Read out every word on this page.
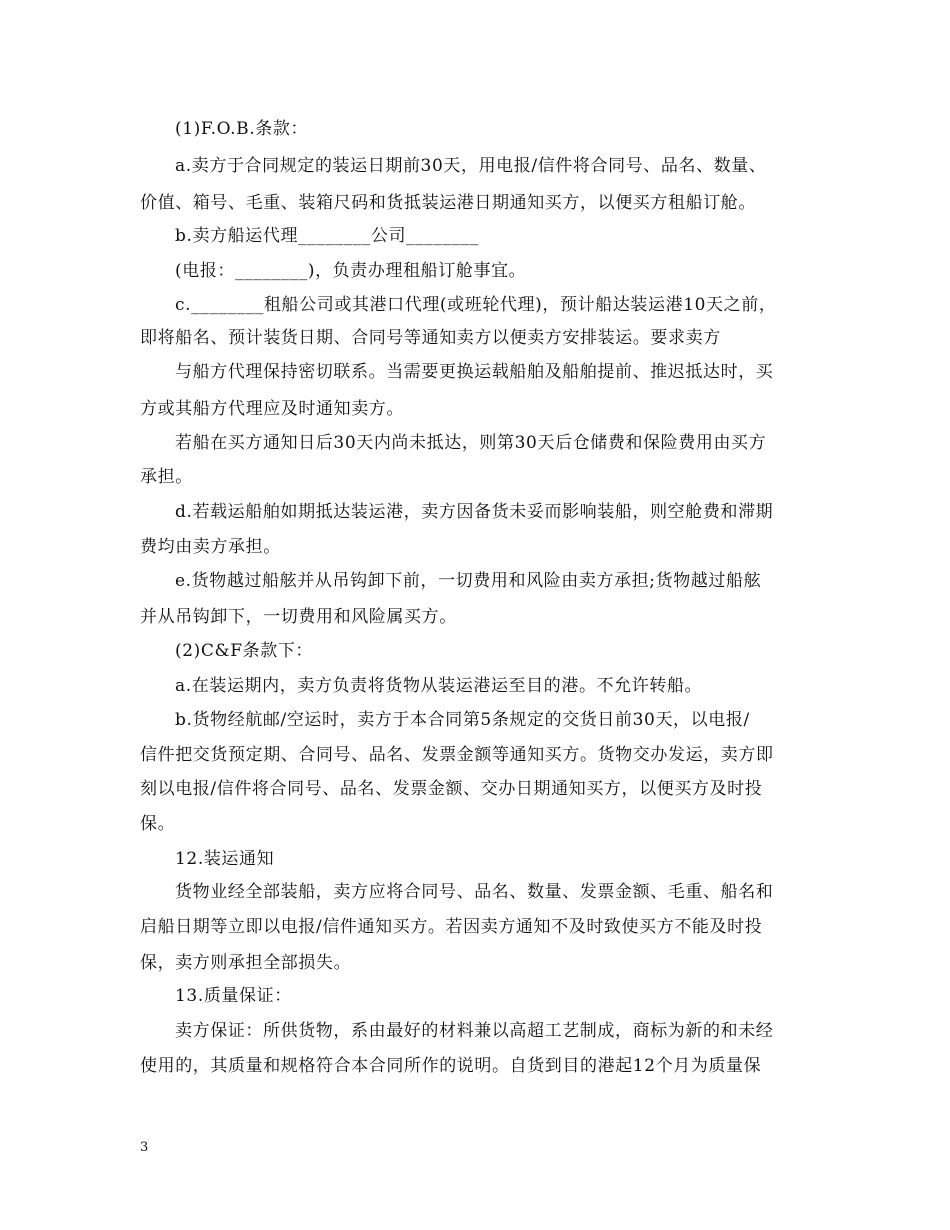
(1)F.O.B.条款：
a.卖方于合同规定的装运日期前30天，用电报/信件将合同号、品名、数量、
价值、箱号、毛重、装箱尺码和货抵装运港日期通知买方，以便买方租船订舱。
b.卖方船运代理________公司________
(电报：________)，负责办理租船订舱事宜。
c.________租船公司或其港口代理(或班轮代理)，预计船达装运港10天之前，
即将船名、预计装货日期、合同号等通知卖方以便卖方安排装运。要求卖方
与船方代理保持密切联系。当需要更换运载船舶及船舶提前、推迟抵达时，买
方或其船方代理应及时通知卖方。
若船在买方通知日后30天内尚未抵达，则第30天后仓储费和保险费用由买方
承担。
d.若载运船舶如期抵达装运港，卖方因备货未妥而影响装船，则空舱费和滞期
费均由卖方承担。
e.货物越过船舷并从吊钩卸下前，一切费用和风险由卖方承担;货物越过船舷
并从吊钩卸下，一切费用和风险属买方。
(2)C&F条款下：
a.在装运期内，卖方负责将货物从装运港运至目的港。不允许转船。
b.货物经航邮/空运时，卖方于本合同第5条规定的交货日前30天，以电报/
信件把交货预定期、合同号、品名、发票金额等通知买方。货物交办发运，卖方即
刻以电报/信件将合同号、品名、发票金额、交办日期通知买方，以便买方及时投
保。
12.装运通知
货物业经全部装船，卖方应将合同号、品名、数量、发票金额、毛重、船名和
启船日期等立即以电报/信件通知买方。若因卖方通知不及时致使买方不能及时投
保，卖方则承担全部损失。
13.质量保证：
卖方保证：所供货物，系由最好的材料兼以高超工艺制成，商标为新的和未经
使用的，其质量和规格符合本合同所作的说明。自货到目的港起12个月为质量保
3
